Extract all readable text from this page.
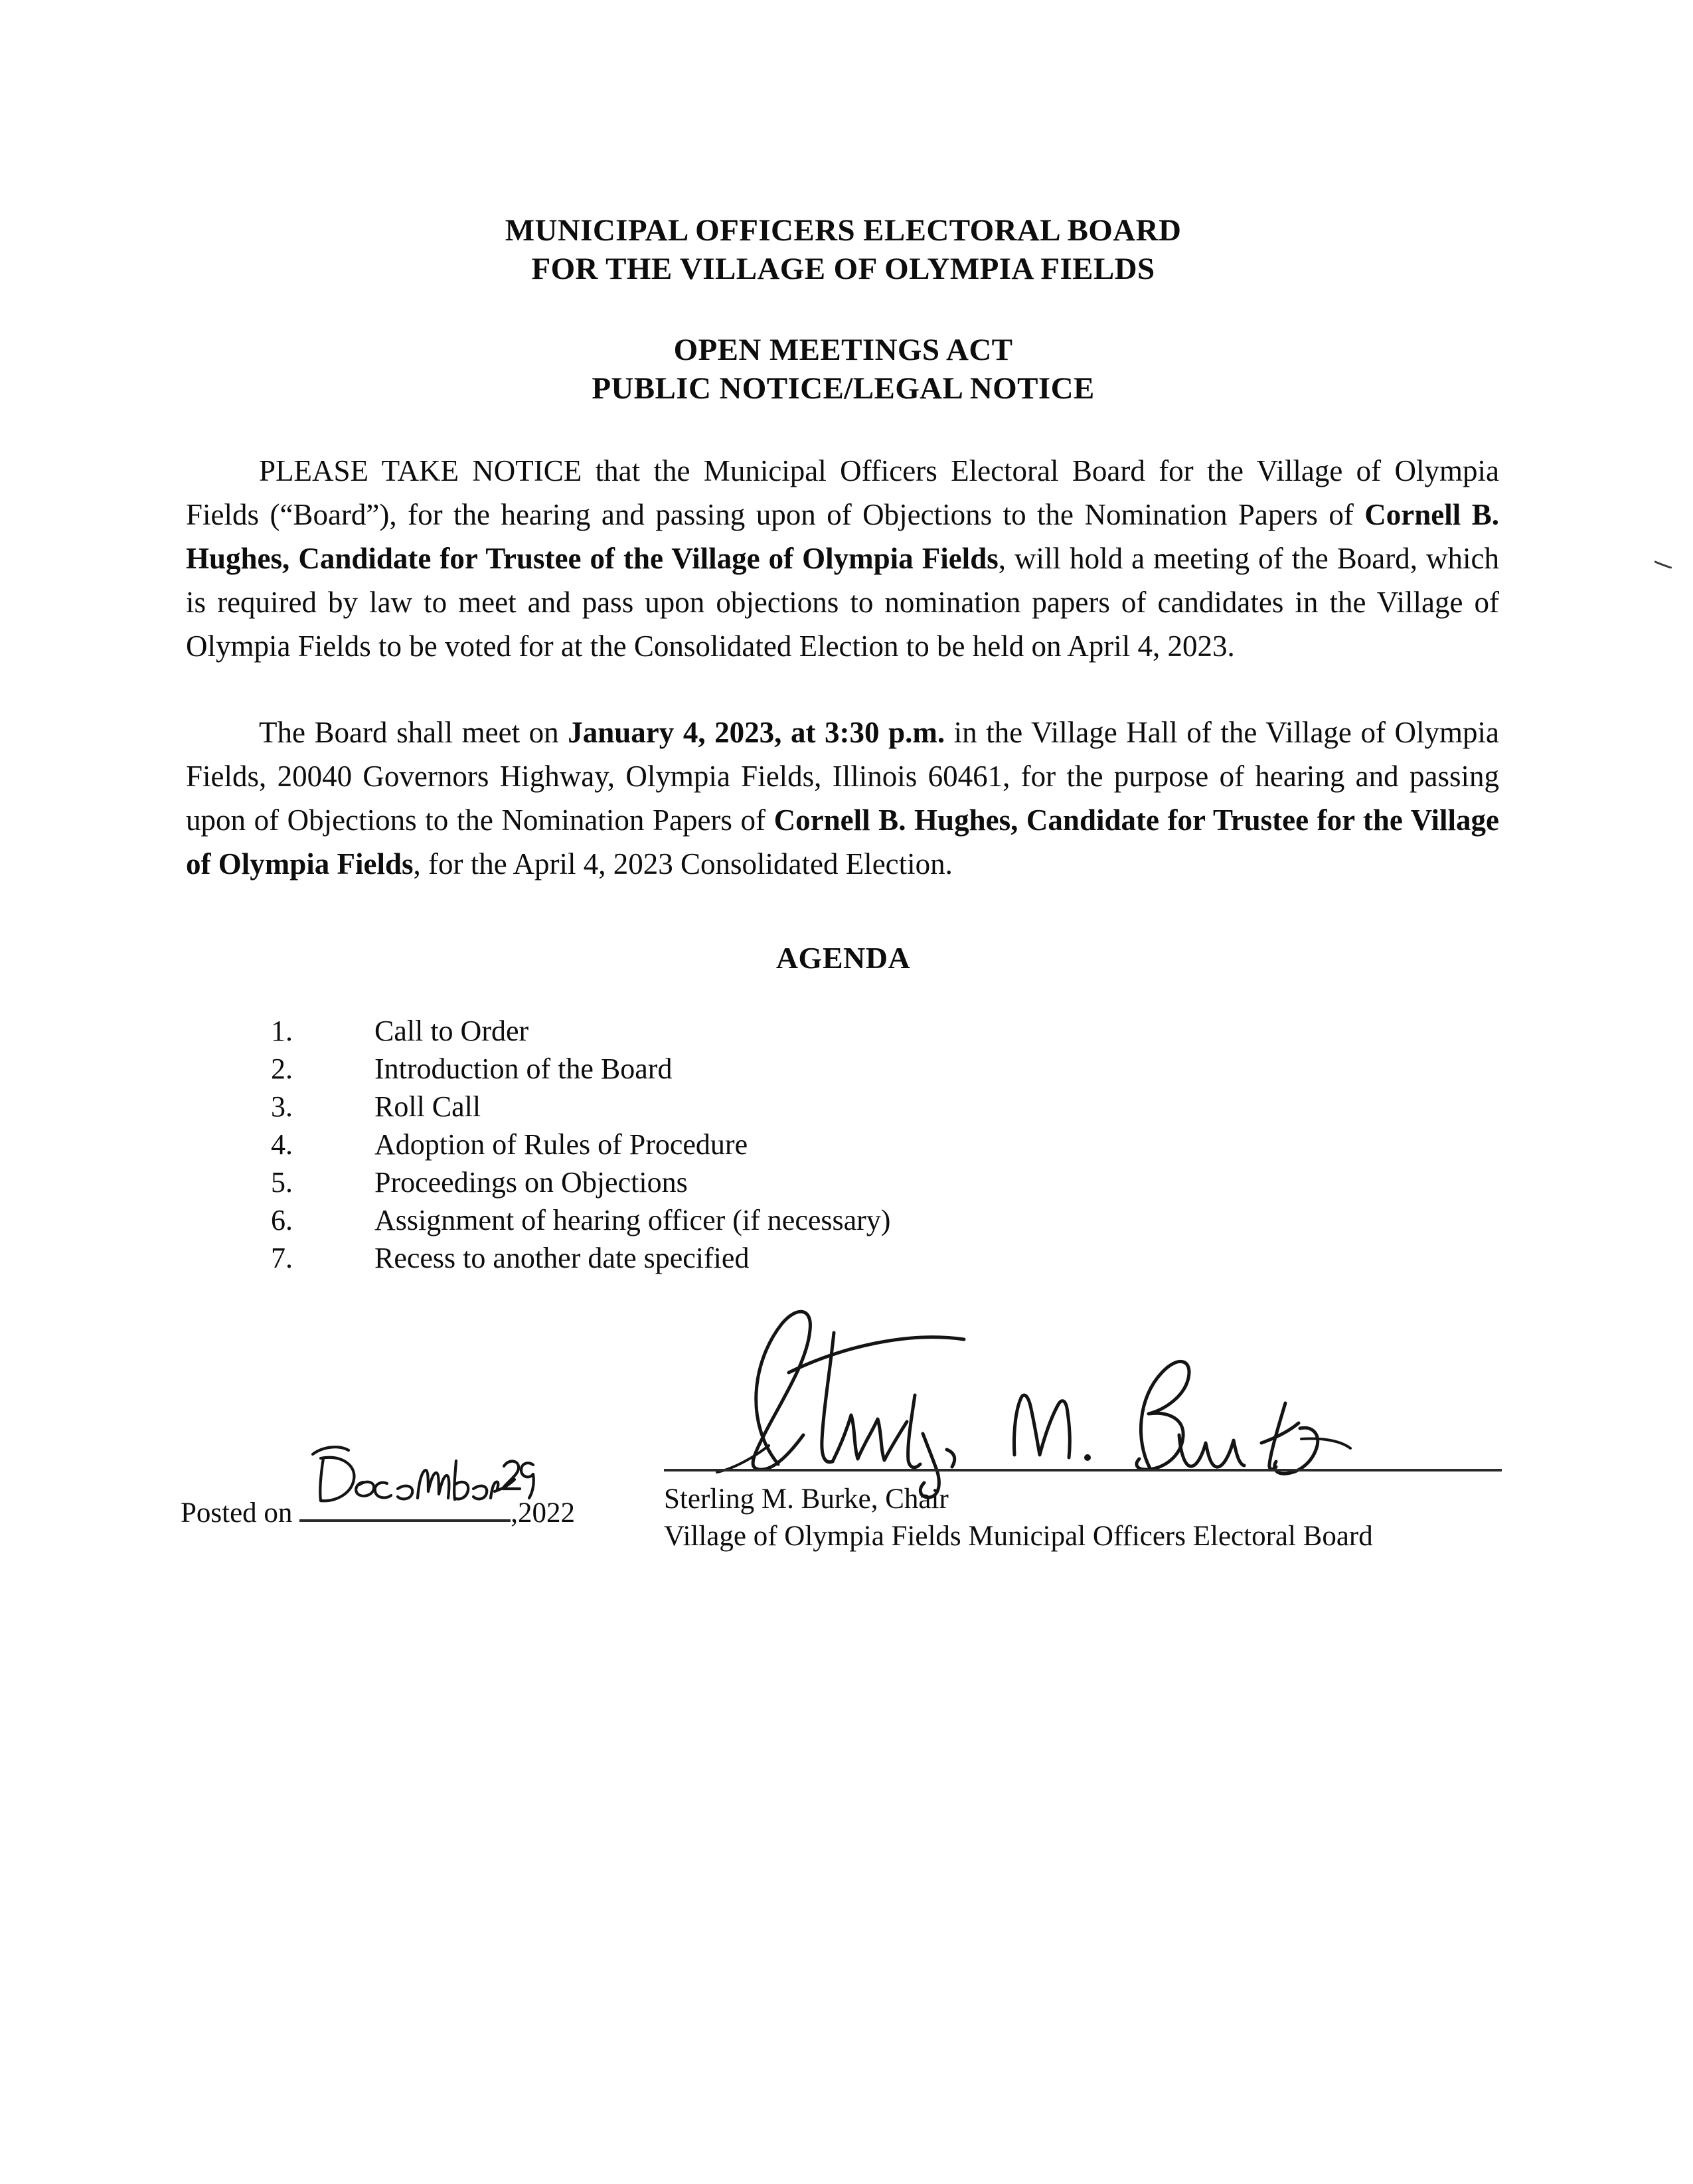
MUNICIPAL OFFICERS ELECTORAL BOARD
FOR THE VILLAGE OF OLYMPIA FIELDS
OPEN MEETINGS ACT
PUBLIC NOTICE/LEGAL NOTICE

PLEASE TAKE NOTICE that the Municipal Officers Electoral Board for the Village of Olympia Fields (“Board”), for the hearing and passing upon of Objections to the Nomination Papers of Cornell B. Hughes, Candidate for Trustee of the Village of Olympia Fields, will hold a meeting of the Board, which is required by law to meet and pass upon objections to nomination papers of candidates in the Village of Olympia Fields to be voted for at the Consolidated Election to be held on April 4, 2023.

The Board shall meet on January 4, 2023, at 3:30 p.m. in the Village Hall of the Village of Olympia Fields, 20040 Governors Highway, Olympia Fields, Illinois 60461, for the purpose of hearing and passing upon of Objections to the Nomination Papers of Cornell B. Hughes, Candidate for Trustee for the Village of Olympia Fields, for the April 4, 2023 Consolidated Election.

AGENDA
1.	Call to Order
2.	Introduction of the Board
3.	Roll Call
4.	Adoption of Rules of Procedure
5.	Proceedings on Objections
6.	Assignment of hearing officer (if necessary)
7.	Recess to another date specified
Sterling M. Burke, Chair
Village of Olympia Fields Municipal Officers Electoral Board
Posted on	,2022
